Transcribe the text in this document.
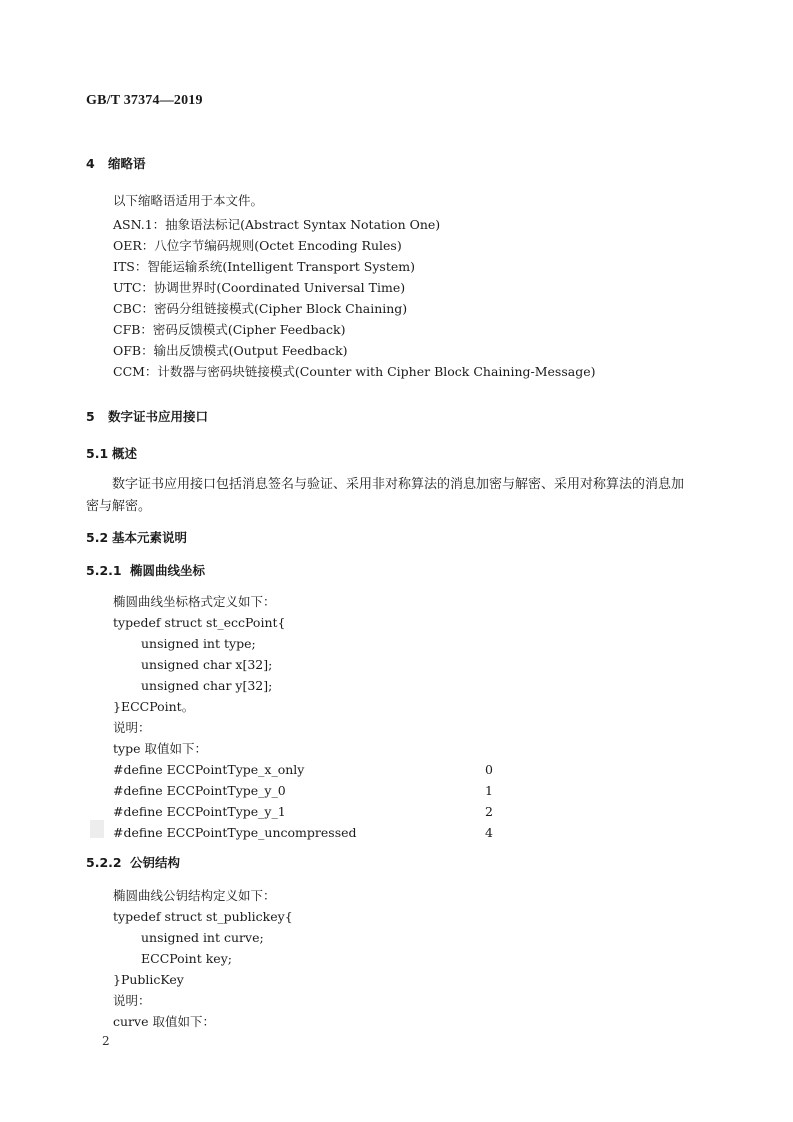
GB/T 37374—2019
4 缩略语
以下缩略语适用于本文件。
ASN.1：抽象语法标记(Abstract Syntax Notation One)
OER：八位字节编码规则(Octet Encoding Rules)
ITS：智能运输系统(Intelligent Transport System)
UTC：协调世界时(Coordinated Universal Time)
CBC：密码分组链接模式(Cipher Block Chaining)
CFB：密码反馈模式(Cipher Feedback)
OFB：输出反馈模式(Output Feedback)
CCM：计数器与密码块链接模式(Counter with Cipher Block Chaining-Message)
5 数字证书应用接口
5.1 概述
数字证书应用接口包括消息签名与验证、采用非对称算法的消息加密与解密、采用对称算法的消息加密与解密。
5.2 基本元素说明
5.2.1 椭圆曲线坐标
椭圆曲线坐标格式定义如下：
typedef struct st_eccPoint{
unsigned int type;
unsigned char x[32];
unsigned char y[32];
}ECCPoint。
说明：
type 取值如下：
#define ECCPointType_x_only	0
#define ECCPointType_y_0	1
#define ECCPointType_y_1	2
#define ECCPointType_uncompressed	4
5.2.2 公钥结构
椭圆曲线公钥结构定义如下：
typedef struct st_publickey{
unsigned int curve;
ECCPoint key;
}PublicKey
说明：
curve 取值如下：
2
